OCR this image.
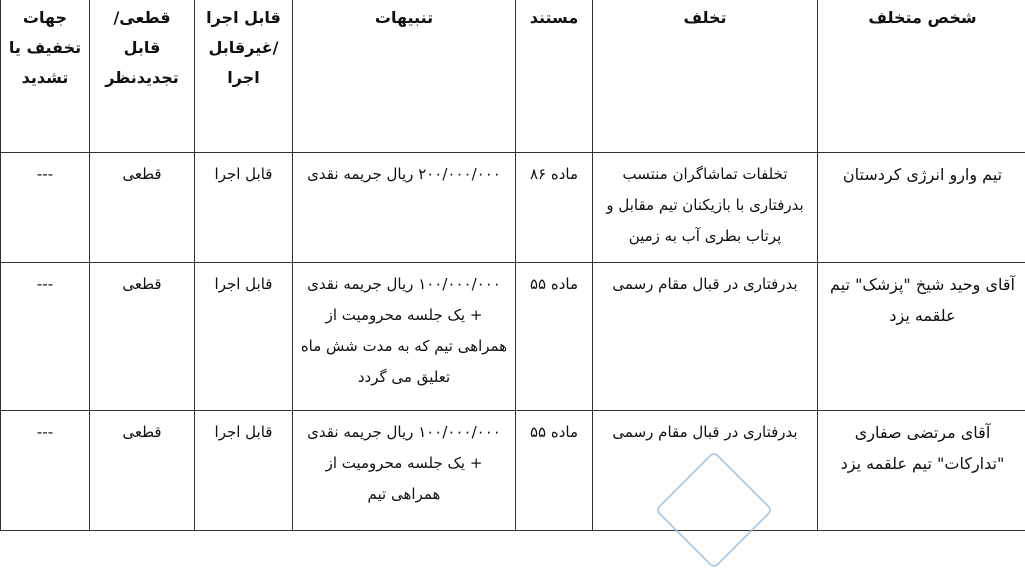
شخص متخلف	تخلف	مستند	تنبیهات	قابل اجرا /غیرقابل اجرا	قطعی/قابل تجدیدنظر	جهات تخفیف یا تشدید
تیم وارو انرژی کردستان	تخلفات تماشاگران منتسب بدرفتاری با بازیکنان تیم مقابل و پرتاب بطری آب به زمین	ماده ۸۶	۲۰۰/۰۰۰/۰۰۰ ریال جریمه نقدی	قابل اجرا	قطعی	---
آقای وحید شیخ "پزشک" تیم علقمه یزد	بدرفتاری در قبال مقام رسمی	ماده ۵۵	۱۰۰/۰۰۰/۰۰۰ ریال جریمه نقدی + یک جلسه محرومیت از همراهی تیم که به مدت شش ماه تعلیق می گردد	قابل اجرا	قطعی	---
آقای مرتضی صفاری "تدارکات" تیم علقمه یزد	بدرفتاری در قبال مقام رسمی	ماده ۵۵	۱۰۰/۰۰۰/۰۰۰ ریال جریمه نقدی + یک جلسه محرومیت از همراهی تیم	قابل اجرا	قطعی	---
